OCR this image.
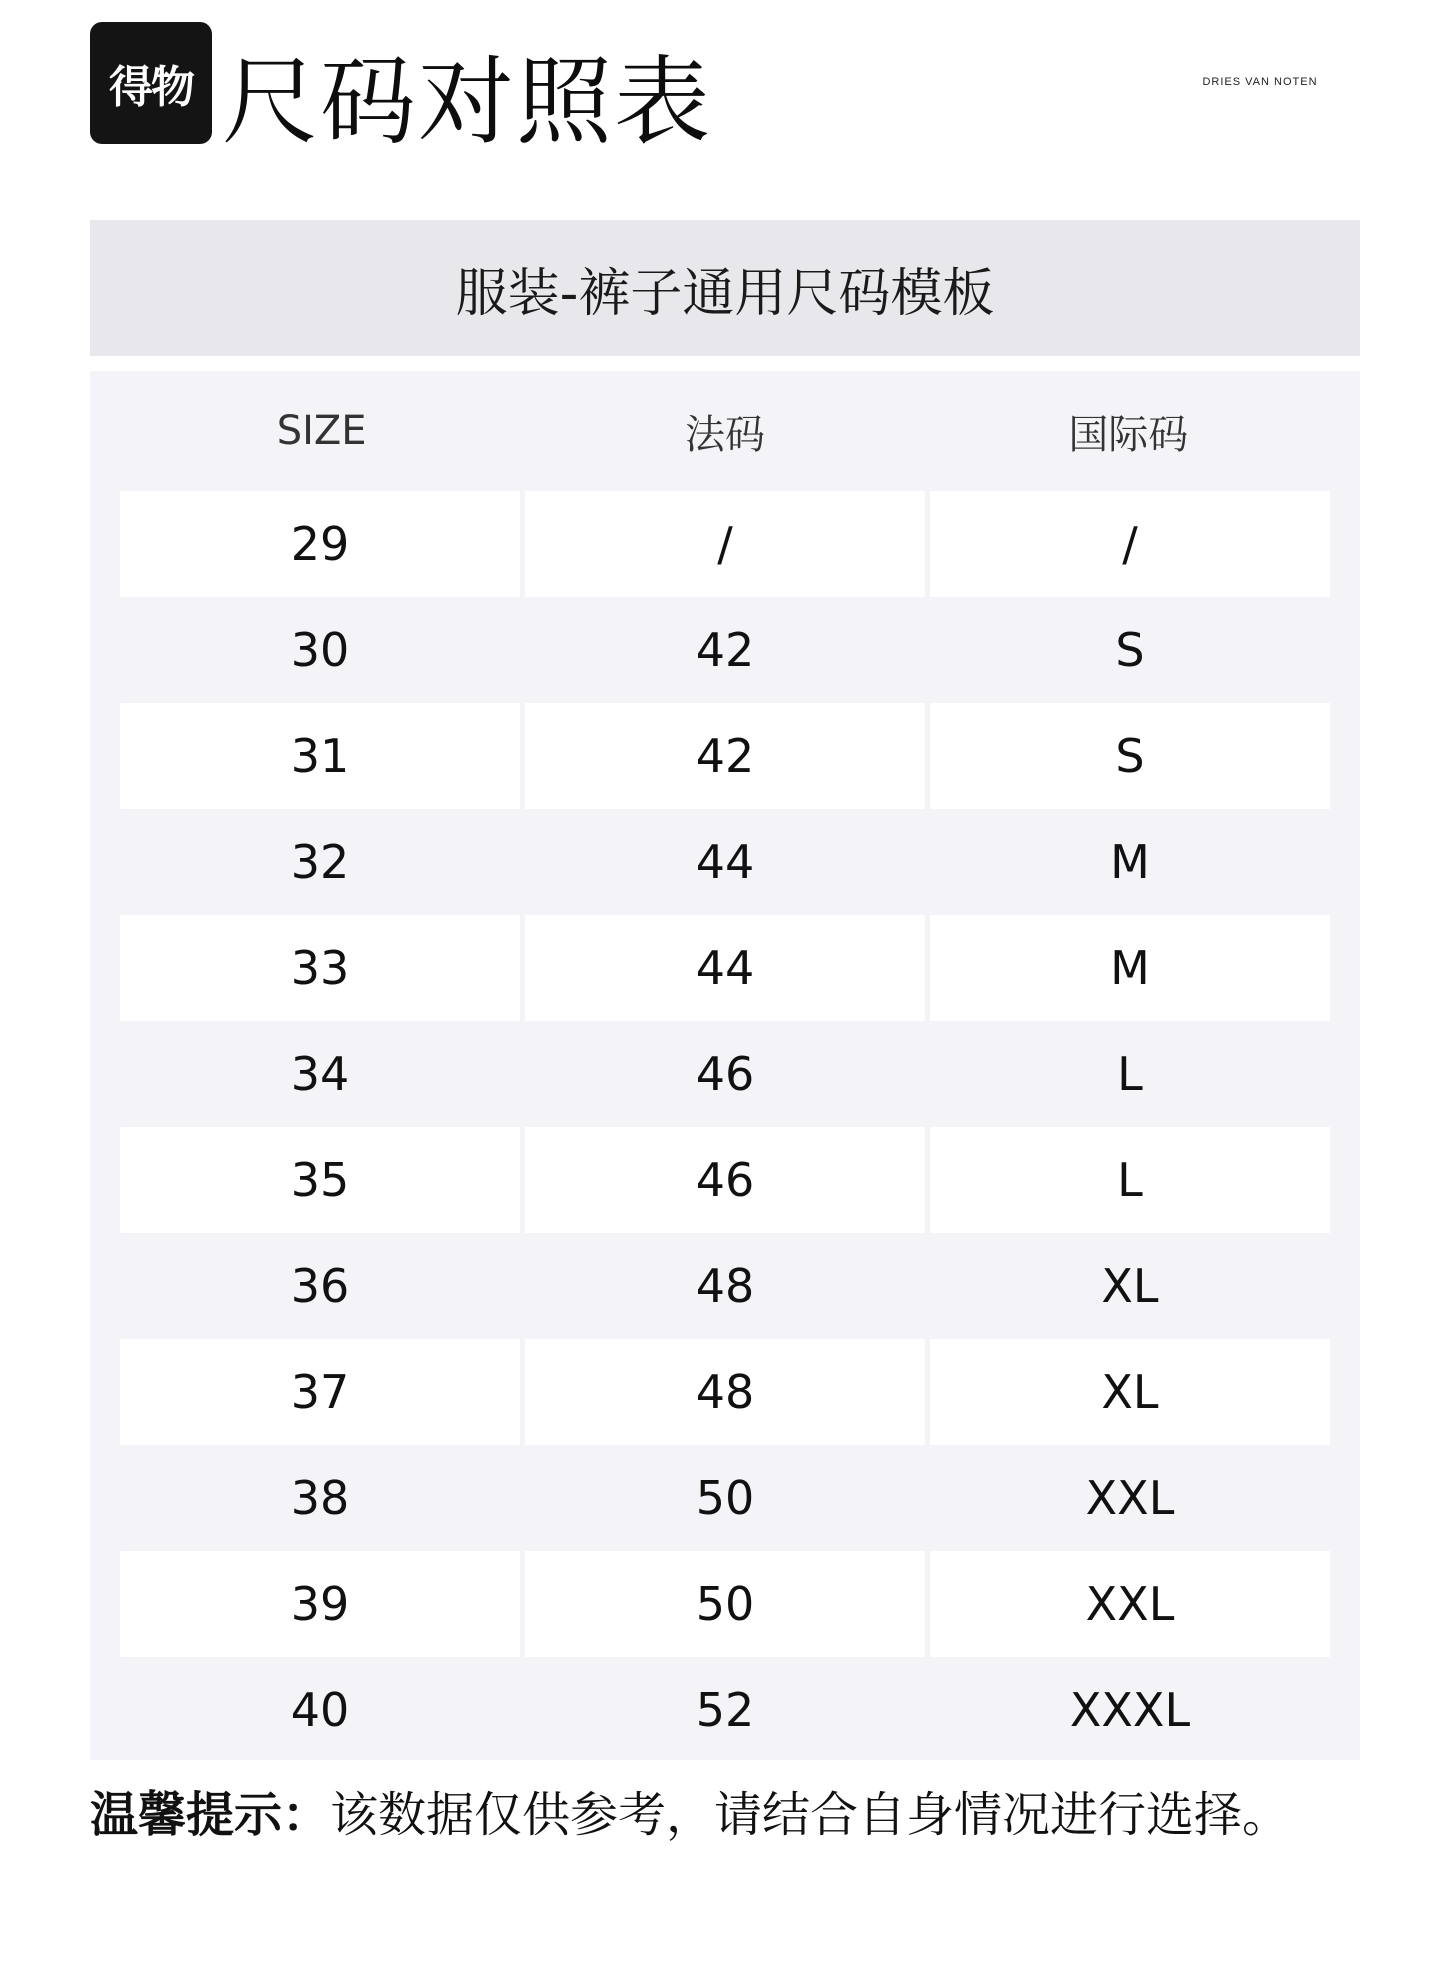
得物 尺码对照表	DRIES VAN NOTEN
服装-裤子通用尺码模板
SIZE	法码	国际码
29	/	/
30	42	S
31	42	S
32	44	M
33	44	M
34	46	L
35	46	L
36	48	XL
37	48	XL
38	50	XXL
39	50	XXL
40	52	XXXL
温馨提示：该数据仅供参考，请结合自身情况进行选择。
